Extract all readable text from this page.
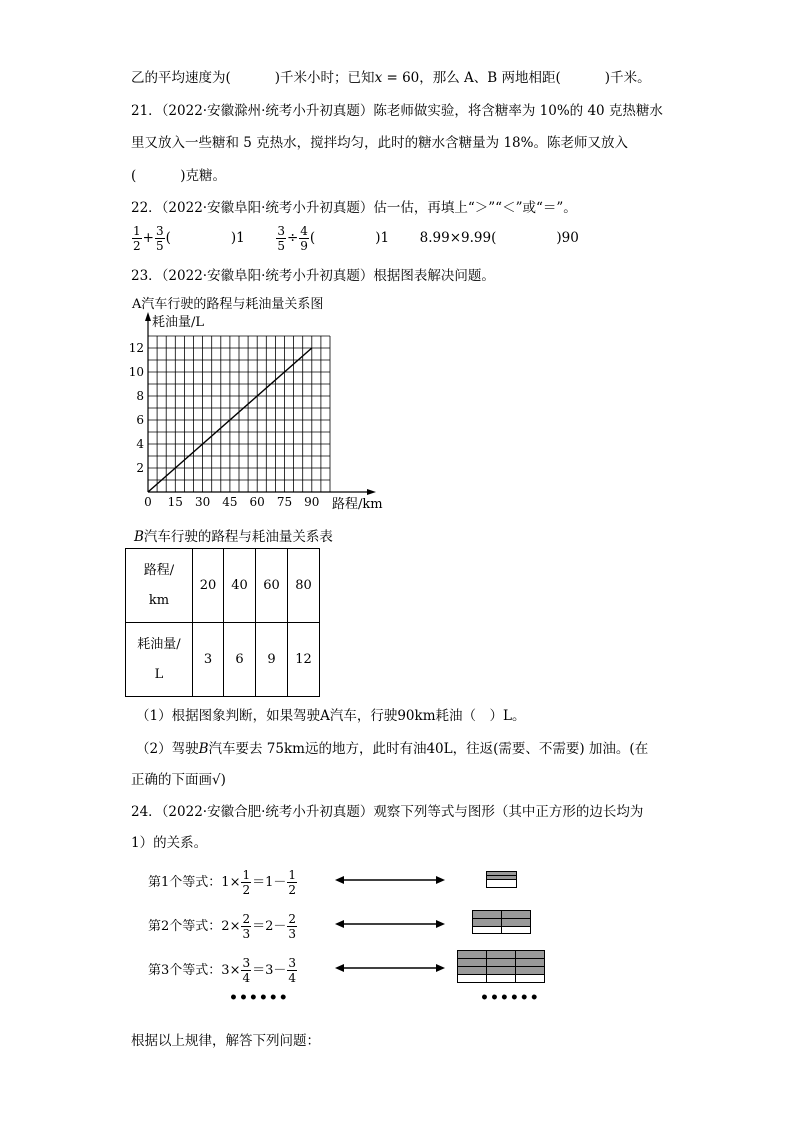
乙的平均速度为(	)千米小时；已知x = 60，那么 A、B 两地相距(	)千米。
21．（2022·安徽滁州·统考小升初真题）陈老师做实验，将含糖率为 10%的 40 克热糖水
里又放入一些糖和 5 克热水，搅拌均匀，此时的糖水含糖量为 18%。陈老师又放入
(	)克糖。
22．（2022·安徽阜阳·统考小升初真题）估一估，再填上“＞”“＜”或“＝”。
$\frac{1}{2} + \frac{3}{5}$ (	)1	$\frac{3}{5} \div \frac{4}{9}$ (	)1 8.99×9.99(	)90
23．（2022·安徽阜阳·统考小升初真题）根据图表解决问题。
A汽车行驶的路程与耗油量关系图
耗油量/L
路程/km
0 15 30 45 60 75 90
2
4
6
8
10
12
B汽车行驶的路程与耗油量关系表
路程/
km	20	40	60	80

耗油量/
L	3	6	9	12
（1）根据图象判断，如果驾驶A汽车，行驶90km耗油（　）L。
（2）驾驶B汽车要去 75km远的地方，此时有油40L，往返(需要、不需要) 加油。(在
正确的下面画√)
24．（2022·安徽合肥·统考小升初真题）观察下列等式与图形（其中正方形的边长均为
1）的关系。
第1个等式：$1\times \frac{1}{2} =1- \frac{1}{2}$
第2个等式：$2\times \frac{2}{3} =2- \frac{2}{3}$
第3个等式：$3\times \frac{3}{4} =3- \frac{3}{4}$
••••••	••••••
根据以上规律，解答下列问题：
